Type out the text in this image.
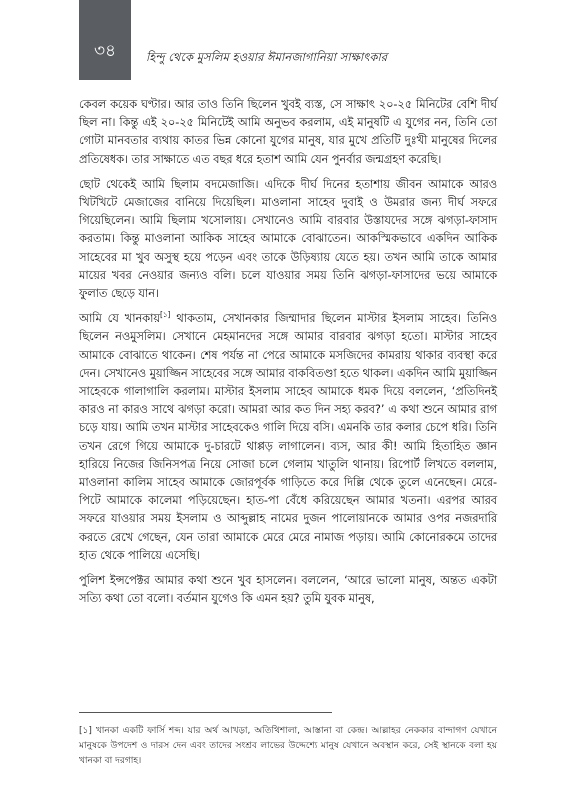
৩৪	হিন্দু থেকে মুসলিম হওয়ার ঈমানজাগানিয়া সাক্ষাৎকার

কেবল কয়েক ঘণ্টার। আর তাও তিনি ছিলেন খুবই ব্যস্ত, সে সাক্ষাৎ ২০-২৫ মিনিটের বেশি দীর্ঘ ছিল না। কিন্তু এই ২০-২৫ মিনিটেই আমি অনুভব করলাম, এই মানুষটি এ যুগের নন, তিনি তো গোটা মানবতার ব্যথায় কাতর ভিন্ন কোনো যুগের মানুষ, যার মুখে প্রতিটি দুঃখী মানুষের দিলের প্রতিষেধক। তার সাক্ষাতে এত বছর ধরে হতাশ আমি যেন পুনর্বার জন্মগ্রহণ করেছি।

ছোট থেকেই আমি ছিলাম বদমেজাজি। এদিকে দীর্ঘ দিনের হতাশায় জীবন আমাকে আরও খিটখিটে মেজাজের বানিয়ে দিয়েছিল। মাওলানা সাহেব দুবাই ও উমরার জন্য দীর্ঘ সফরে গিয়েছিলেন। আমি ছিলাম খসোলায়। সেখানেও আমি বারবার উস্তাযদের সঙ্গে ঝগড়া-ফাসাদ করতাম। কিন্তু মাওলানা আকিক সাহেব আমাকে বোঝাতেন। আকস্মিকভাবে একদিন আকিক সাহেবের মা খুব অসুস্থ হয়ে পড়েন এবং তাকে উড়িষ্যায় যেতে হয়। তখন আমি তাকে আমার মায়ের খবর নেওয়ার জন্যও বলি। চলে যাওয়ার সময় তিনি ঝগড়া-ফাসাদের ভয়ে আমাকে ফুলাত ছেড়ে যান।

আমি যে খানকায়[১] থাকতাম, সেখানকার জিম্মাদার ছিলেন মাস্টার ইসলাম সাহেব। তিনিও ছিলেন নওমুসলিম। সেখানে মেহমানদের সঙ্গে আমার বারবার ঝগড়া হতো। মাস্টার সাহেব আমাকে বোঝাতে থাকেন। শেষ পর্যন্ত না পেরে আমাকে মসজিদের কামরায় থাকার ব্যবস্থা করে দেন। সেখানেও মুয়াজ্জিন সাহেবের সঙ্গে আমার বাকবিতণ্ডা হতে থাকল। একদিন আমি মুয়াজ্জিন সাহেবকে গালাগালি করলাম। মাস্টার ইসলাম সাহেব আমাকে ধমক দিয়ে বললেন, ‘প্রতিদিনই কারও না কারও সাথে ঝগড়া করো। আমরা আর কত দিন সহ্য করব?’ এ কথা শুনে আমার রাগ চড়ে যায়। আমি তখন মাস্টার সাহেবকেও গালি দিয়ে বসি। এমনকি তার কলার চেপে ধরি। তিনি তখন রেগে গিয়ে আমাকে দু-চারটে থাপ্পড় লাগালেন। ব্যস, আর কী! আমি হিতাহিত জ্ঞান হারিয়ে নিজের জিনিসপত্র নিয়ে সোজা চলে গেলাম খাতুলি থানায়। রিপোর্ট লিখতে বললাম, মাওলানা কালিম সাহেব আমাকে জোরপূর্বক গাড়িতে করে দিল্লি থেকে তুলে এনেছেন। মেরে-পিটে আমাকে কালেমা পড়িয়েছেন। হাত-পা বেঁধে করিয়েছেন আমার খতনা। এরপর আরব সফরে যাওয়ার সময় ইসলাম ও আব্দুল্লাহ নামের দুজন পালোয়ানকে আমার ওপর নজরদারি করতে রেখে গেছেন, যেন তারা আমাকে মেরে মেরে নামাজ পড়ায়। আমি কোনোরকমে তাদের হাত থেকে পালিয়ে এসেছি।

পুলিশ ইন্সপেক্টর আমার কথা শুনে খুব হাসলেন। বললেন, ‘আরে ভালো মানুষ, অন্তত একটা সত্যি কথা তো বলো। বর্তমান যুগেও কি এমন হয়? তুমি যুবক মানুষ,

[১] খানকা একটি ফার্সি শব্দ। যার অর্থ আখড়া, অতিথিশালা, আস্তানা বা কেন্দ্র। আল্লাহর নেককার বান্দাগণ যেখানে মানুষকে উপদেশ ও দারস দেন এবং তাদের সংশ্রব লাভের উদ্দেশ্যে মানুষ যেখানে অবস্থান করে, সেই স্থানকে বলা হয় খানকা বা দরগাহ।
